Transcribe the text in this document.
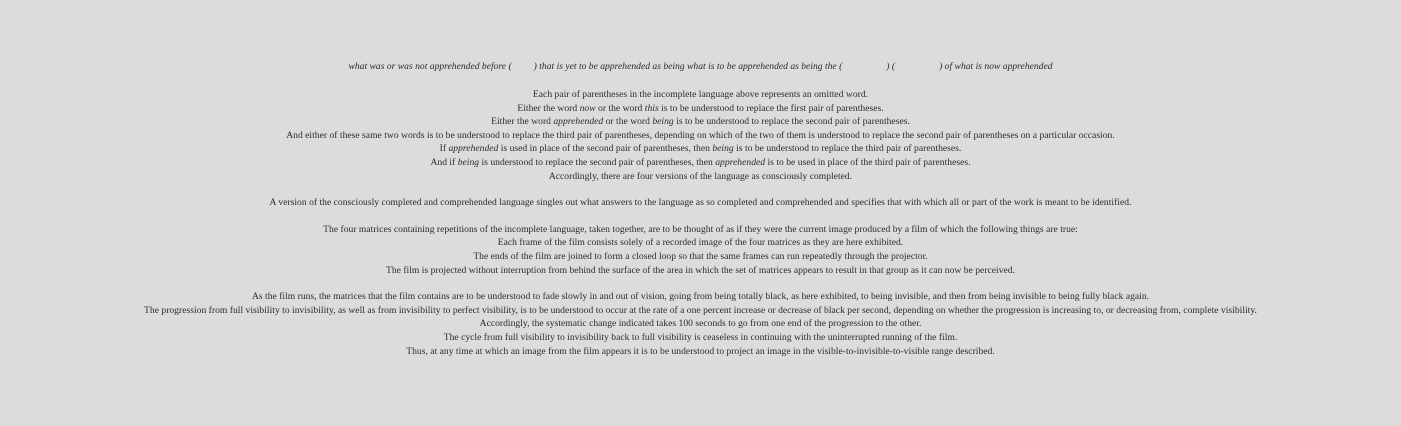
what was or was not apprehended before ( ) that is yet to be apprehended as being what is to be apprehended as being the (	) (	) of what is now apprehended
Each pair of parentheses in the incomplete language above represents an omitted word.
Either the word now or the word this is to be understood to replace the first pair of parentheses.
Either the word apprehended or the word being is to be understood to replace the second pair of parentheses.
And either of these same two words is to be understood to replace the third pair of parentheses, depending on which of the two of them is understood to replace the second pair of parentheses on a particular occasion.
If apprehended is used in place of the second pair of parentheses, then being is to be understood to replace the third pair of parentheses.
And if being is understood to replace the second pair of parentheses, then apprehended is to be used in place of the third pair of parentheses.
Accordingly, there are four versions of the language as consciously completed.
A version of the consciously completed and comprehended language singles out what answers to the language as so completed and comprehended and specifies that with which all or part of the work is meant to be identified.
The four matrices containing repetitions of the incomplete language, taken together, are to be thought of as if they were the current image produced by a film of which the following things are true:
Each frame of the film consists solely of a recorded image of the four matrices as they are here exhibited.
The ends of the film are joined to form a closed loop so that the same frames can run repeatedly through the projector.
The film is projected without interruption from behind the surface of the area in which the set of matrices appears to result in that group as it can now be perceived.
As the film runs, the matrices that the film contains are to be understood to fade slowly in and out of vision, going from being totally black, as here exhibited, to being invisible, and then from being invisible to being fully black again.
The progression from full visibility to invisibility, as well as from invisibility to perfect visibility, is to be understood to occur at the rate of a one percent increase or decrease of black per second, depending on whether the progression is increasing to, or decreasing from, complete visibility.
Accordingly, the systematic change indicated takes 100 seconds to go from one end of the progression to the other.
The cycle from full visibility to invisibility back to full visibility is ceaseless in continuing with the uninterrupted running of the film.
Thus, at any time at which an image from the film appears it is to be understood to project an image in the visible-to-invisible-to-visible range described.
